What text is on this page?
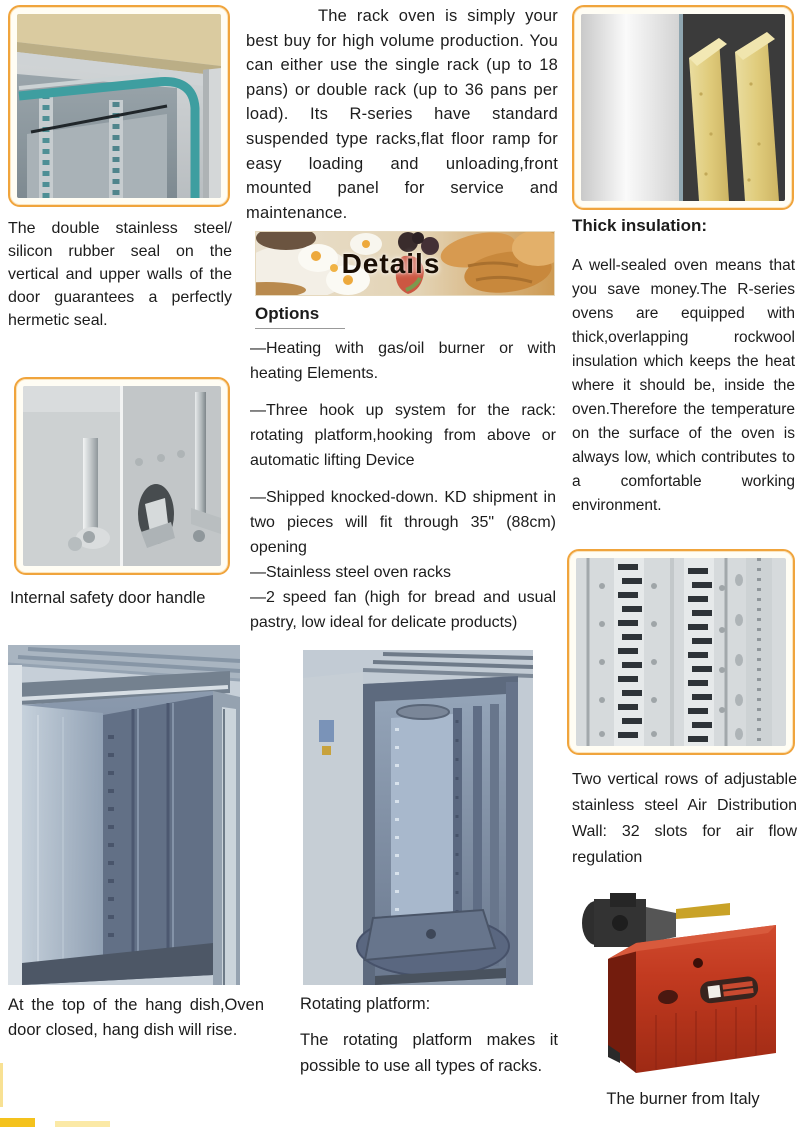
The double stainless steel/ silicon rubber seal on the vertical and upper walls of the door guarantees a perfectly hermetic seal.
Internal safety door handle
At the top of the hang dish,Oven door closed, hang dish will rise.
The rack oven is simply your best buy for high volume production. You can either use the single rack (up to 18 pans) or double rack (up to 36 pans per load). Its R-series have standard suspended type racks,flat floor ramp for easy loading and unloading,front mounted panel for service and maintenance.
Details
Options
—Heating with gas/oil burner or with heating Elements.
—Three hook up system for the rack: rotating platform,hooking from above or automatic lifting Device
—Shipped knocked-down. KD shipment in two pieces will fit through 35" (88cm) opening
—Stainless steel oven racks
—2 speed fan (high for bread and usual pastry, low ideal for delicate products)
Rotating platform:
The rotating platform makes it possible to use all types of racks.
Thick insulation:
A well-sealed oven means that you save money.The R-series ovens are equipped with thick,overlapping rockwool insulation which keeps the heat where it should be, inside the oven.Therefore the temperature on the surface of the oven is always low, which contributes to a comfortable working environment.
Two vertical rows of adjustable stainless steel Air Distribution Wall: 32 slots for air flow regulation
The burner from Italy
